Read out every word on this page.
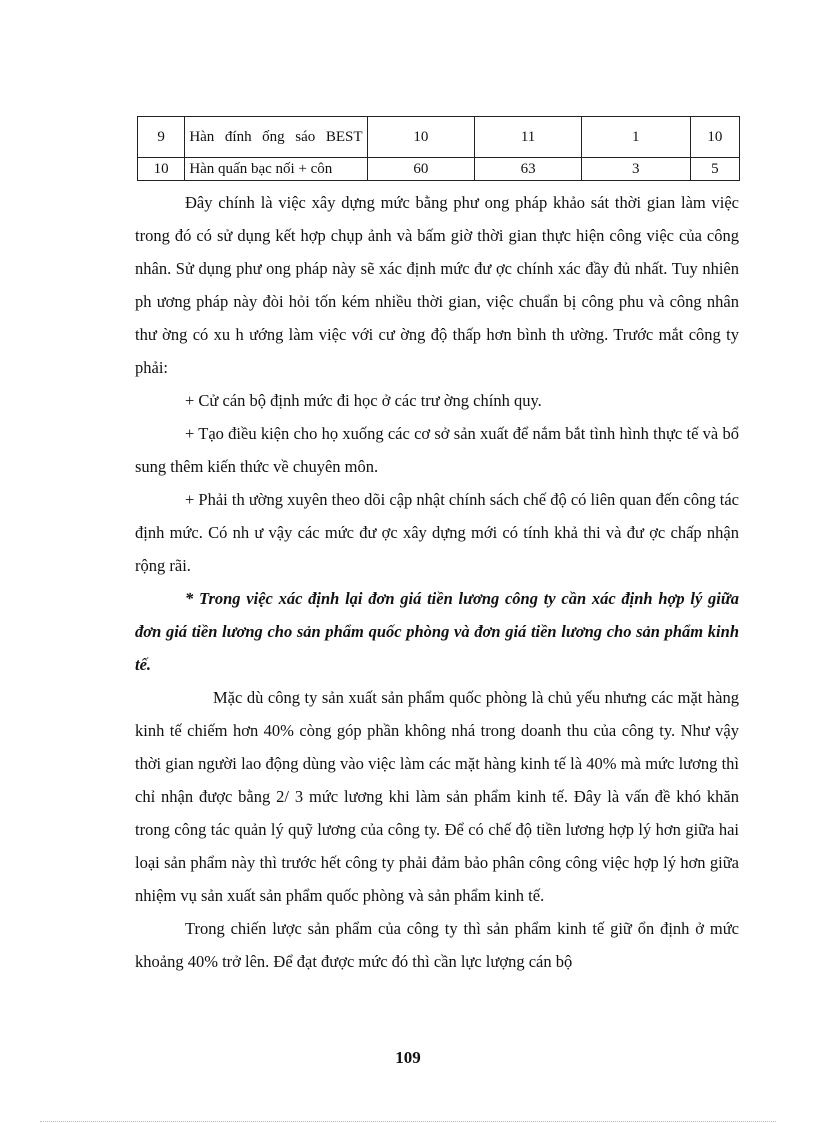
9	Hàn đính ống sáo BEST	10	11	1	10
10	Hàn quấn bạc nối + côn	60	63	3	5

Đây chính là việc xây dựng mức bằng phư ong pháp khảo sát thời gian làm việc trong đó có sử dụng kết hợp chụp ảnh và bấm giờ thời gian thực hiện công việc của công nhân. Sử dụng phư ong pháp này sẽ xác định mức đư ợc chính xác đầy đủ nhất. Tuy nhiên ph ương pháp này đòi hỏi tốn kém nhiều thời gian, việc chuẩn bị công phu và công nhân thư ờng có xu h ướng làm việc với cư ờng độ thấp hơn bình th ường. Trước mắt công ty phải:

+ Cử cán bộ định mức đi học ở các trư ờng chính quy.

+ Tạo điều kiện cho họ xuống các cơ sở sản xuất để nắm bắt tình hình thực tế và bổ sung thêm kiến thức về chuyên môn.

+ Phải th ường xuyên theo dõi cập nhật chính sách chế độ có liên quan đến công tác định mức. Có nh ư vậy các mức đư ợc xây dựng mới có tính khả thi và đư ợc chấp nhận rộng rãi.

* Trong việc xác định lại đơn giá tiền lương công ty cần xác định hợp lý giữa đơn giá tiền lương cho sản phẩm quốc phòng và đơn giá tiền lương cho sản phẩm kinh tế.

Mặc dù công ty sản xuất sản phẩm quốc phòng là chủ yếu nhưng các mặt hàng kinh tế chiếm hơn 40% còng góp phần không nhá trong doanh thu của công ty. Như vậy thời gian người lao động dùng vào việc làm các mặt hàng kinh tế là 40% mà mức lương thì chỉ nhận được bằng 2/ 3 mức lương khi làm sản phẩm kinh tế. Đây là vấn đề khó khăn trong công tác quản lý quỹ lương của công ty. Để có chế độ tiền lương hợp lý hơn giữa hai loại sản phẩm này thì trước hết công ty phải đảm bảo phân công công việc hợp lý hơn giữa nhiệm vụ sản xuất sản phẩm quốc phòng và sản phẩm kinh tế.

Trong chiến lược sản phẩm của công ty thì sản phẩm kinh tế giữ ổn định ở mức khoảng 40% trở lên. Để đạt được mức đó thì cần lực lượng cán bộ

109
